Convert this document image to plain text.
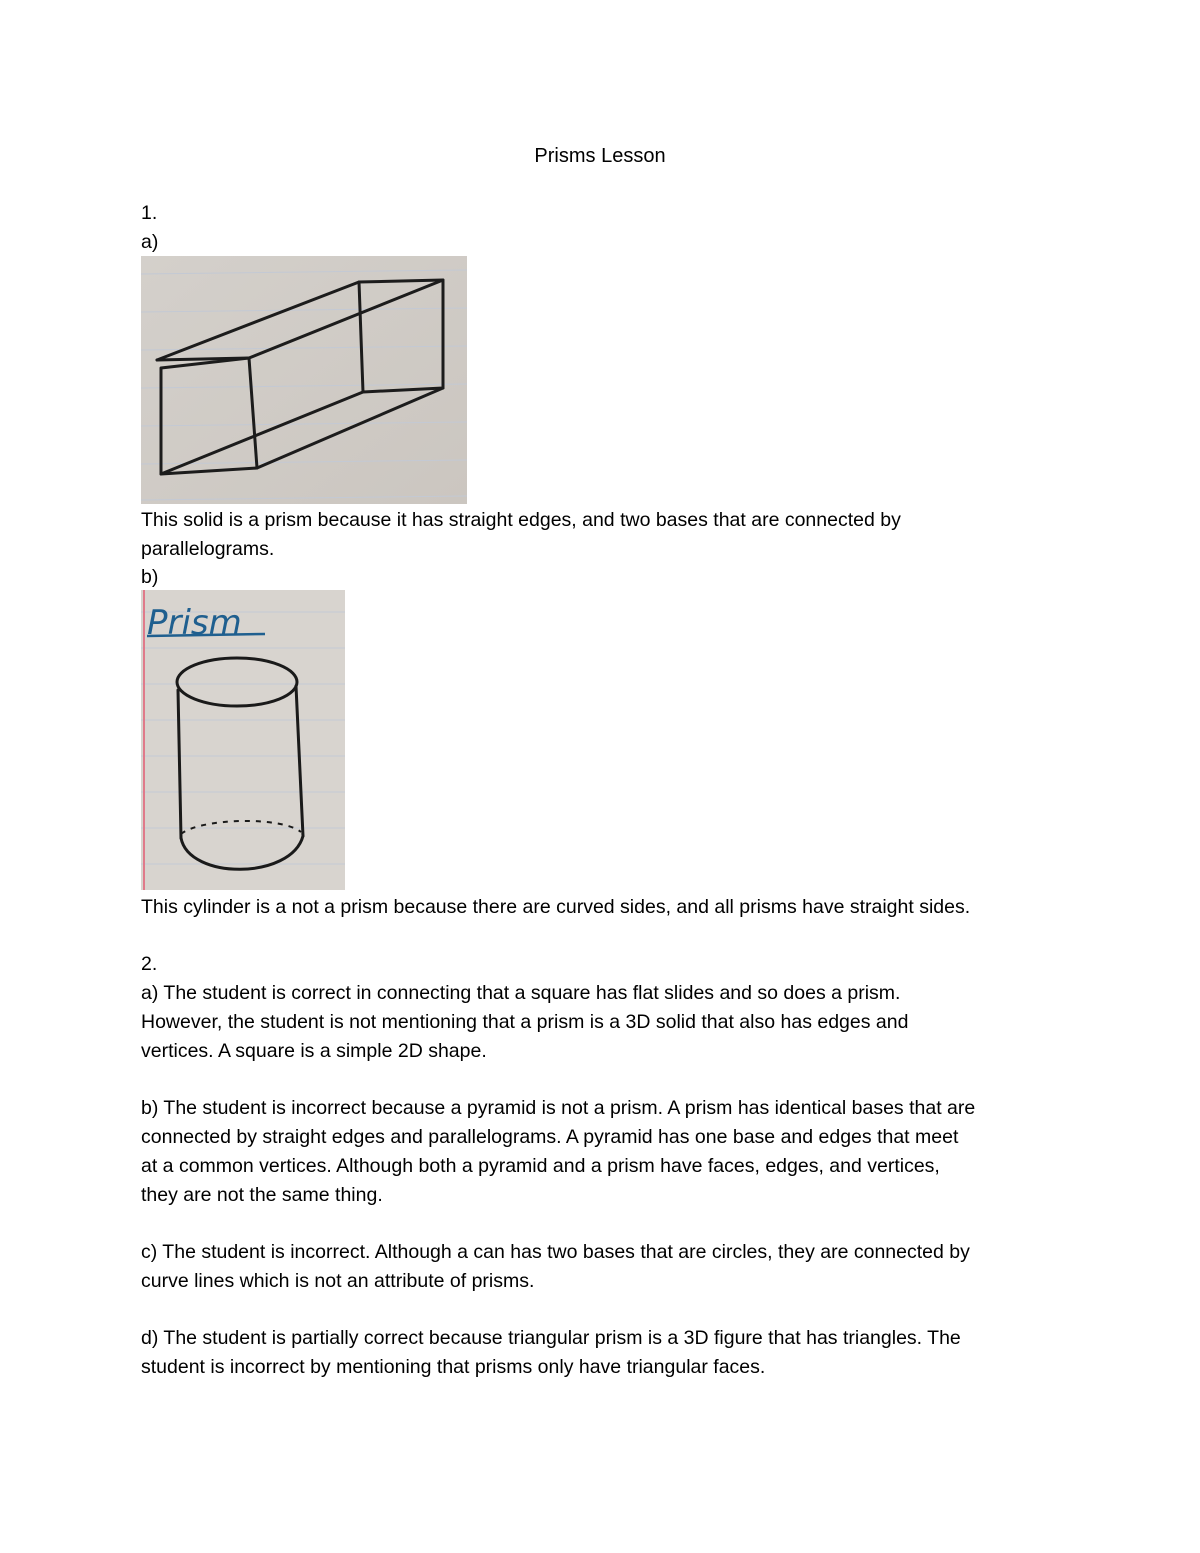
Prisms Lesson
1.
a)
This solid is a prism because it has straight edges, and two bases that are connected by
parallelograms.
b)
Prism
This cylinder is a not a prism because there are curved sides, and all prisms have straight sides.
2.
a) The student is correct in connecting that a square has flat slides and so does a prism.
However, the student is not mentioning that a prism is a 3D solid that also has edges and
vertices. A square is a simple 2D shape.
b) The student is incorrect because a pyramid is not a prism. A prism has identical bases that are
connected by straight edges and parallelograms. A pyramid has one base and edges that meet
at a common vertices. Although both a pyramid and a prism have faces, edges, and vertices,
they are not the same thing.
c) The student is incorrect. Although a can has two bases that are circles, they are connected by
curve lines which is not an attribute of prisms.
d) The student is partially correct because triangular prism is a 3D figure that has triangles. The
student is incorrect by mentioning that prisms only have triangular faces.
